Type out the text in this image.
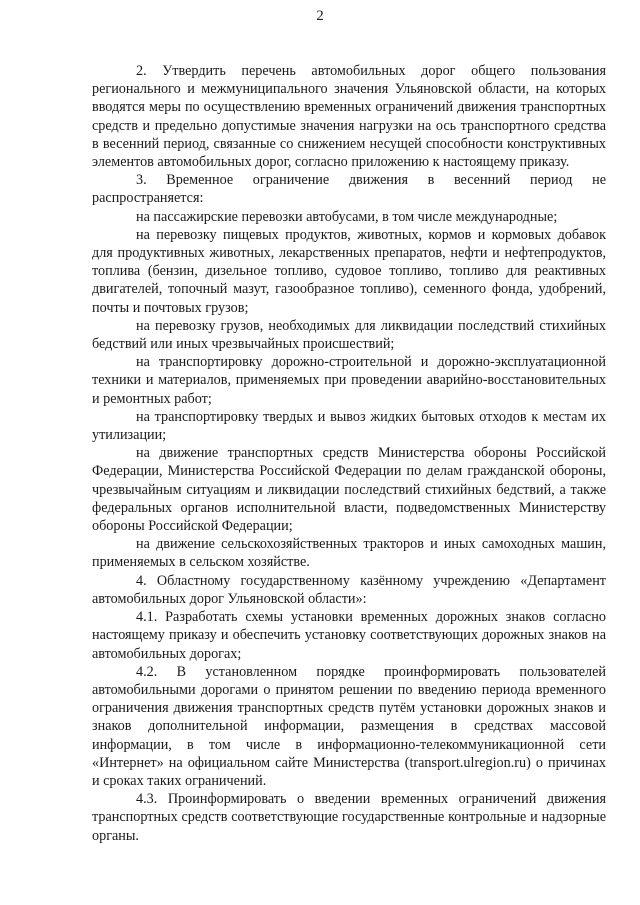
2

2. Утвердить перечень автомобильных дорог общего пользования регионального и межмуниципального значения Ульяновской области, на которых вводятся меры по осуществлению временных ограничений движения транспортных средств и предельно допустимые значения нагрузки на ось транспортного средства в весенний период, связанные со снижением несущей способности конструктивных элементов автомобильных дорог, согласно приложению к настоящему приказу.

3. Временное ограничение движения в весенний период не распространяется:

на пассажирские перевозки автобусами, в том числе международные;

на перевозку пищевых продуктов, животных, кормов и кормовых добавок для продуктивных животных, лекарственных препаратов, нефти и нефтепродуктов, топлива (бензин, дизельное топливо, судовое топливо, топливо для реактивных двигателей, топочный мазут, газообразное топливо), семенного фонда, удобрений, почты и почтовых грузов;

на перевозку грузов, необходимых для ликвидации последствий стихийных бедствий или иных чрезвычайных происшествий;

на транспортировку дорожно-строительной и дорожно-эксплуатационной техники и материалов, применяемых при проведении аварийно-восстановительных и ремонтных работ;

на транспортировку твердых и вывоз жидких бытовых отходов к местам их утилизации;

на движение транспортных средств Министерства обороны Российской Федерации, Министерства Российской Федерации по делам гражданской обороны, чрезвычайным ситуациям и ликвидации последствий стихийных бедствий, а также федеральных органов исполнительной власти, подведомственных Министерству обороны Российской Федерации;

на движение сельскохозяйственных тракторов и иных самоходных машин, применяемых в сельском хозяйстве.

4. Областному государственному казённому учреждению «Департамент автомобильных дорог Ульяновской области»:

4.1. Разработать схемы установки временных дорожных знаков согласно настоящему приказу и обеспечить установку соответствующих дорожных знаков на автомобильных дорогах;

4.2. В установленном порядке проинформировать пользователей автомобильными дорогами о принятом решении по введению периода временного ограничения движения транспортных средств путём установки дорожных знаков и знаков дополнительной информации, размещения в средствах массовой информации, в том числе в информационно-телекоммуникационной сети «Интернет» на официальном сайте Министерства (transport.ulregion.ru) о причинах и сроках таких ограничений.

4.3. Проинформировать о введении временных ограничений движения транспортных средств соответствующие государственные контрольные и надзорные органы.
